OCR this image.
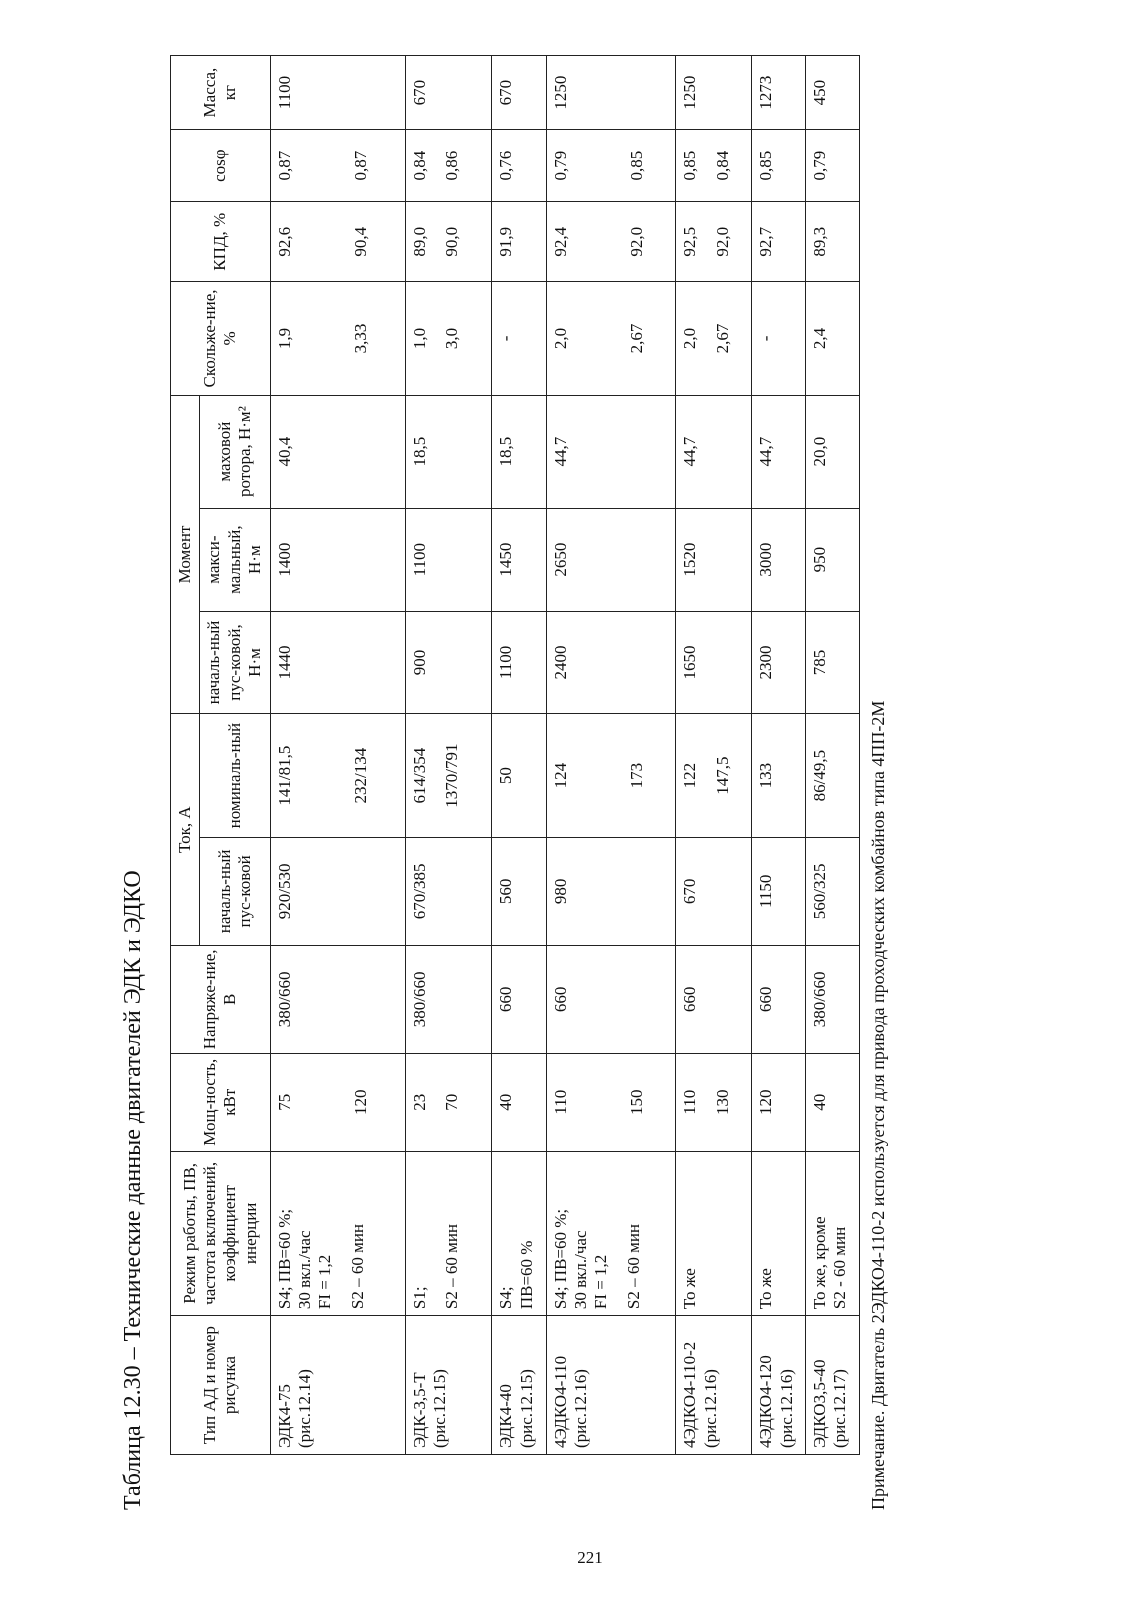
221
Таблица 12.30 – Технические данные двигателей ЭДК и ЭДКО	Тип АД и номер рисунка	Режим работы, ПВ, частота включений, коэффициент инерции	Мощ-ность, кВт	Напряже-ние, В	Ток, А		Момент			Скольже-ние, %	КПД, %	cosφ	Масса, кг
				началь-ный пус-ковой	номиналь-ный	началь-ный пус-ковой, Н·м	макси-мальный, Н·м	маховой ротора, Н·м²				

ЭДК4-75 (рис.12.14)	S4; ПВ=60 %; 30 вкл./час FI = 1,2 S2 – 60 мин	75 120	380/660	920/530	141/81,5 232/134	1440	1400	40,4	1,9 3,33	92,6 90,4	0,87 0,87	1100

ЭДК-3,5-Т (рис.12.15)	S1; S2 – 60 мин	23 70	380/660	670/385	614/354 1370/791	900	1100	18,5	1,0 3,0	89,0 90,0	0,84 0,86	670

ЭДК4-40 (рис.12.15)	S4; ПВ=60 %	40	660	560	50	1100	1450	18,5	-	91,9	0,76	670

4ЭДКО4-110 (рис.12.16)	S4; ПВ=60 %; 30 вкл./час FI = 1,2 S2 – 60 мин	110 150	660	980	124 173	2400	2650	44,7	2,0 2,67	92,4 92,0	0,79 0,85	1250

4ЭДКО4-110-2 (рис.12.16)	То же	110 130	660	670	122 147,5	1650	1520	44,7	2,0 2,67	92,5 92,0	0,85 0,84	1250

4ЭДКО4-120 (рис.12.16)	То же	120	660	1150	133	2300	3000	44,7	-	92,7	0,85	1273

ЭДКО3,5-40 (рис.12.17)	То же, кроме S2 - 60 мин	40	380/660	560/325	86/49,5	785	950	20,0	2,4	89,3	0,79	450
Примечание. Двигатель 2ЭДКО4-110-2 используется для привода проходческих комбайнов типа 4ПП-2М
